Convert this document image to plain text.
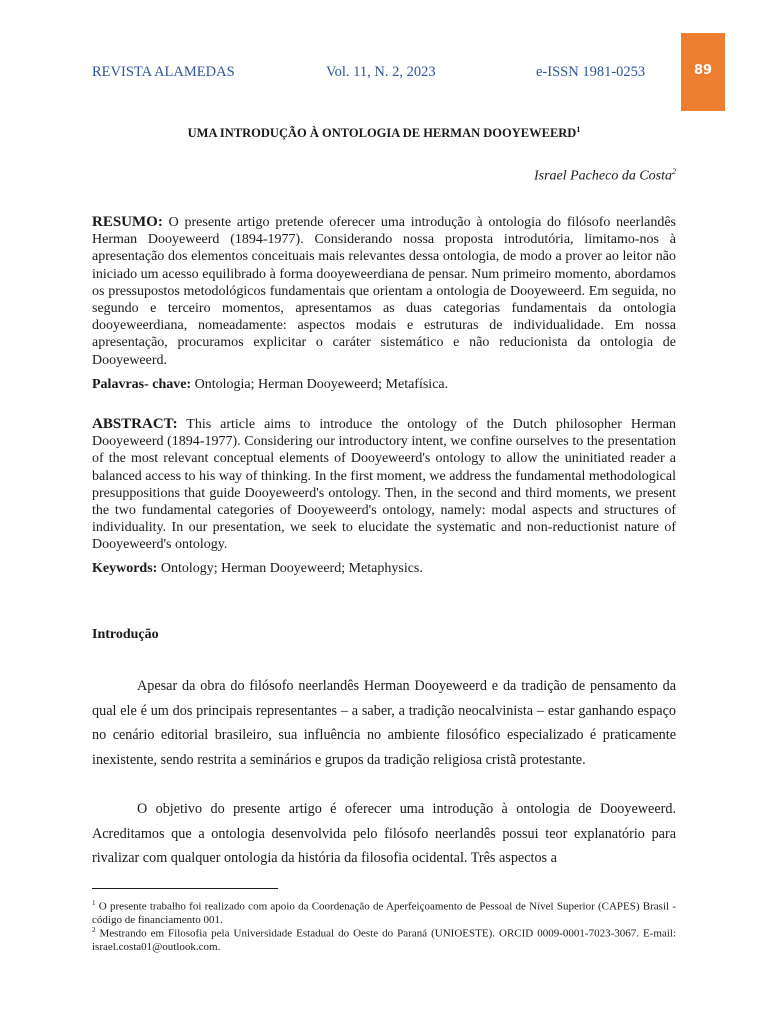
REVISTA ALAMEDAS	Vol. 11, N. 2, 2023	e-ISSN 1981-0253	89
UMA INTRODUÇÃO À ONTOLOGIA DE HERMAN DOOYEWEERD$^1$
Israel Pacheco da Costa$^2$

RESUMO: O presente artigo pretende oferecer uma introdução à ontologia do filósofo neerlandês Herman Dooyeweerd (1894-1977). Considerando nossa proposta introdutória, limitamo-nos à apresentação dos elementos conceituais mais relevantes dessa ontologia, de modo a prover ao leitor não iniciado um acesso equilibrado à forma dooyeweerdiana de pensar. Num primeiro momento, abordamos os pressupostos metodológicos fundamentais que orientam a ontologia de Dooyeweerd. Em seguida, no segundo e terceiro momentos, apresentamos as duas categorias fundamentais da ontologia dooyeweerdiana, nomeadamente: aspectos modais e estruturas de individualidade. Em nossa apresentação, procuramos explicitar o caráter sistemático e não reducionista da ontologia de Dooyeweerd.

Palavras- chave: Ontologia; Herman Dooyeweerd; Metafísica.

ABSTRACT: This article aims to introduce the ontology of the Dutch philosopher Herman Dooyeweerd (1894-1977). Considering our introductory intent, we confine ourselves to the presentation of the most relevant conceptual elements of Dooyeweerd's ontology to allow the uninitiated reader a balanced access to his way of thinking. In the first moment, we address the fundamental methodological presuppositions that guide Dooyeweerd's ontology. Then, in the second and third moments, we present the two fundamental categories of Dooyeweerd's ontology, namely: modal aspects and structures of individuality. In our presentation, we seek to elucidate the systematic and non-reductionist nature of Dooyeweerd's ontology.

Keywords: Ontology; Herman Dooyeweerd; Metaphysics.

Introdução

Apesar da obra do filósofo neerlandês Herman Dooyeweerd e da tradição de pensamento da qual ele é um dos principais representantes – a saber, a tradição neocalvinista – estar ganhando espaço no cenário editorial brasileiro, sua influência no ambiente filosófico especializado é praticamente inexistente, sendo restrita a seminários e grupos da tradição religiosa cristã protestante.

O objetivo do presente artigo é oferecer uma introdução à ontologia de Dooyeweerd. Acreditamos que a ontologia desenvolvida pelo filósofo neerlandês possui teor explanatório para rivalizar com qualquer ontologia da história da filosofia ocidental. Três aspectos a

$^1$ O presente trabalho foi realizado com apoio da Coordenação de Aperfeiçoamento de Pessoal de Nível Superior (CAPES) Brasil - código de financiamento 001.

$^2$ Mestrando em Filosofia pela Universidade Estadual do Oeste do Paraná (UNIOESTE). ORCID 0009-0001-7023-3067. E-mail: israel.costa01@outlook.com.
